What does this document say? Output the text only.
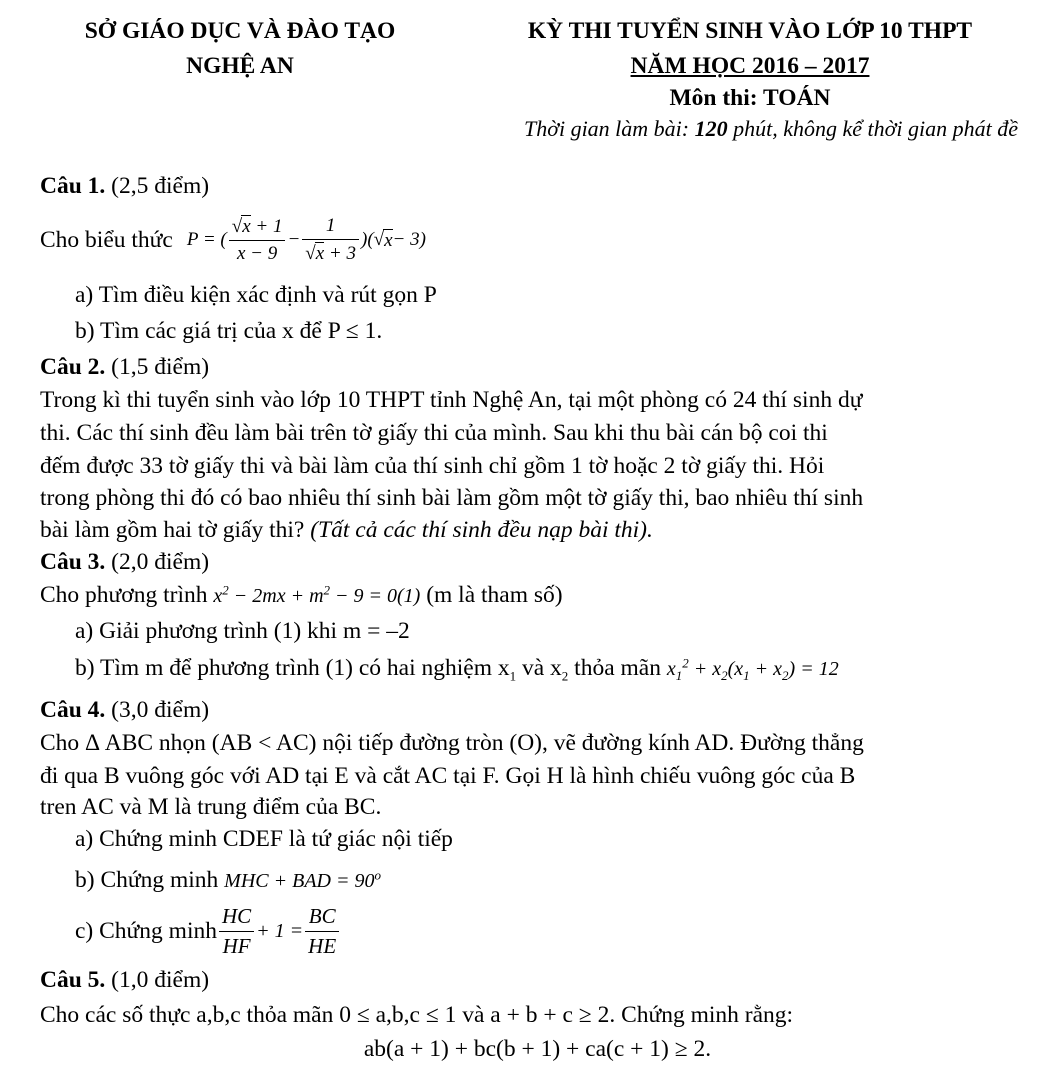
SỞ GIÁO DỤC VÀ ĐÀO TẠO
NGHỆ AN
KỲ THI TUYỂN SINH VÀO LỚP 10 THPT
NĂM HỌC 2016 – 2017
Môn thi: TOÁN
Thời gian làm bài: 120 phút, không kể thời gian phát đề
Câu 1. (2,5 điểm)
Cho biểu thức P = ( $\frac{√x + 1}{x - 9} - \frac{1}{√x + 3}$ )( √ x − 3)
a) Tìm điều kiện xác định và rút gọn P
b) Tìm các giá trị của x để P ≤ 1.
Câu 2. (1,5 điểm)
Trong kì thi tuyển sinh vào lớp 10 THPT tỉnh Nghệ An, tại một phòng có 24 thí sinh dự
thi. Các thí sinh đều làm bài trên tờ giấy thi của mình. Sau khi thu bài cán bộ coi thi
đếm được 33 tờ giấy thi và bài làm của thí sinh chỉ gồm 1 tờ hoặc 2 tờ giấy thi. Hỏi
trong phòng thi đó có bao nhiêu thí sinh bài làm gồm một tờ giấy thi, bao nhiêu thí sinh
bài làm gồm hai tờ giấy thi? (Tất cả các thí sinh đều nạp bài thi).
Câu 3. (2,0 điểm)
Cho phương trình $x^2 - 2mx + m^2 - 9 = 0(1)$ (m là tham số)
a) Giải phương trình (1) khi m = –2
b) Tìm m để phương trình (1) có hai nghiệm $x_1$ và $x_2$ thỏa mãn $x_1^2 + x_2(x_1 + x_2) = 12$
Câu 4. (3,0 điểm)
Cho Δ ABC nhọn (AB < AC) nội tiếp đường tròn (O), vẽ đường kính AD. Đường thẳng
đi qua B vuông góc với AD tại E và cắt AC tại F. Gọi H là hình chiếu vuông góc của B
tren AC và M là trung điểm của BC.
a) Chứng minh CDEF là tứ giác nội tiếp
b) Chứng minh MHC + BAD = $90^o$
c) Chứng minh $\frac{HC}{HF} + 1 = \frac{BC}{HE}$
Câu 5. (1,0 điểm)
Cho các số thực a,b,c thỏa mãn 0 ≤ a,b,c ≤ 1 và a + b + c ≥ 2. Chứng minh rằng:
ab(a + 1) + bc(b + 1) + ca(c + 1) ≥ 2.
